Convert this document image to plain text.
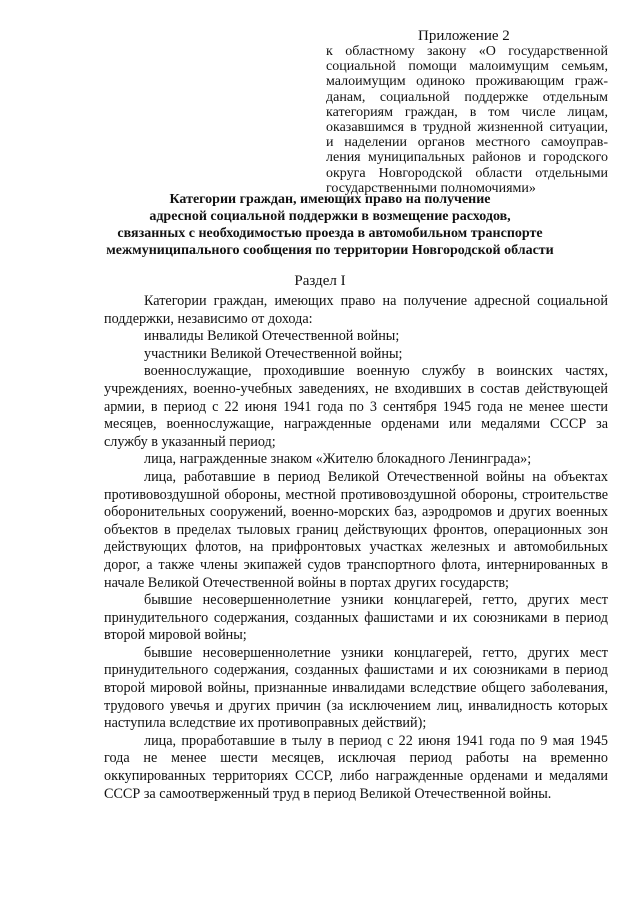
Приложение 2
к областному закону «О государственной
социальной помощи малоимущим семьям,
малоимущим одиноко проживающим граж-
данам, социальной поддержке отдельным
категориям граждан, в том числе лицам,
оказавшимся в трудной жизненной ситуации,
и наделении органов местного самоуправ-
ления муниципальных районов и городского
округа Новгородской области отдельными
государственными полномочиями»
Категории граждан, имеющих право на получение
адресной социальной поддержки в возмещение расходов,
связанных с необходимостью проезда в автомобильном транспорте
межмуниципального сообщения по территории Новгородской области
Раздел I

Категории граждан, имеющих право на получение адресной социальной поддержки, независимо от дохода:

инвалиды Великой Отечественной войны;

участники Великой Отечественной войны;

военнослужащие, проходившие военную службу в воинских частях, учреждениях, военно-учебных заведениях, не входивших в состав действующей армии, в период с 22 июня 1941 года по 3 сентября 1945 года не менее шести месяцев, военнослужащие, награжденные орденами или медалями СССР за службу в указанный период;

лица, награжденные знаком «Жителю блокадного Ленинграда»;

лица, работавшие в период Великой Отечественной войны на объектах противовоздушной обороны, местной противовоздушной обороны, строительстве оборонительных сооружений, военно-морских баз, аэродромов и других военных объектов в пределах тыловых границ действующих фронтов, операционных зон действующих флотов, на прифронтовых участках железных и автомобильных дорог, а также члены экипажей судов транспортного флота, интернированных в начале Великой Отечественной войны в портах других государств;

бывшие несовершеннолетние узники концлагерей, гетто, других мест принудительного содержания, созданных фашистами и их союзниками в период второй мировой войны;

бывшие несовершеннолетние узники концлагерей, гетто, других мест принудительного содержания, созданных фашистами и их союзниками в период второй мировой войны, признанные инвалидами вследствие общего заболевания, трудового увечья и других причин (за исключением лиц, инвалидность которых наступила вследствие их противоправных действий);

лица, проработавшие в тылу в период с 22 июня 1941 года по 9 мая 1945 года не менее шести месяцев, исключая период работы на временно оккупированных территориях СССР, либо награжденные орденами и медалями СССР за самоотверженный труд в период Великой Отечественной войны.
